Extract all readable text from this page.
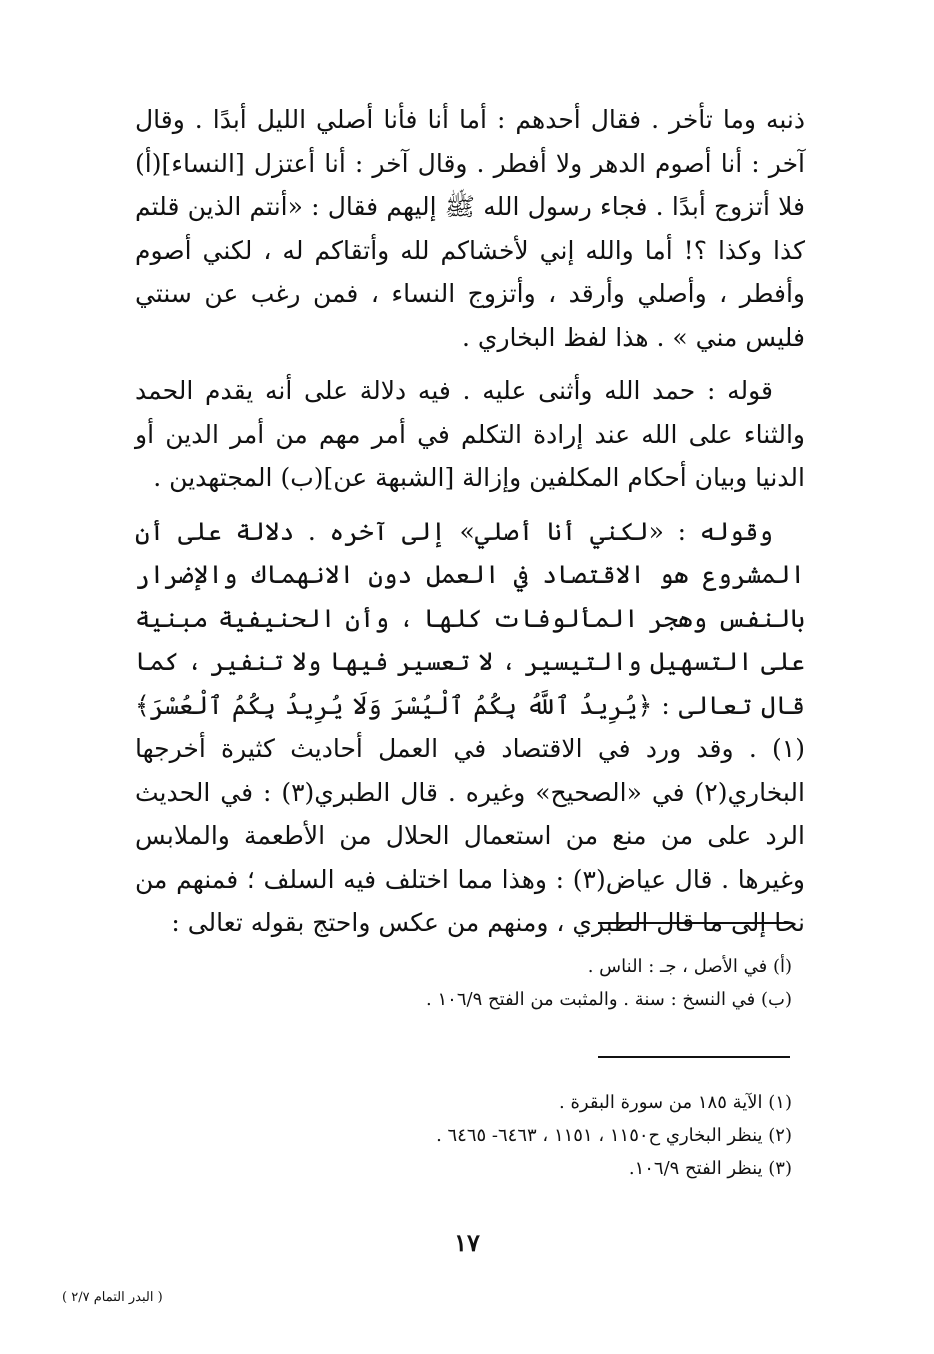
ذنبه وما تأخر . فقال أحدهم : أما أنا فأنا أصلي الليل أبدًا . وقال آخر : أنا أصوم الدهر ولا أفطر . وقال آخر : أنا أعتزل [النساء](أ) فلا أتزوج أبدًا . فجاء رسول الله ﷺ إليهم فقال : «أنتم الذين قلتم كذا وكذا ؟! أما والله إني لأخشاكم لله وأتقاكم له ، لكني أصوم وأفطر ، وأصلي وأرقد ، وأتزوج النساء ، فمن رغب عن سنتي فليس مني » . هذا لفظ البخاري .

قوله : حمد الله وأثنى عليه . فيه دلالة على أنه يقدم الحمد والثناء على الله عند إرادة التكلم في أمر مهم من أمر الدين أو الدنيا وبيان أحكام المكلفين وإزالة [الشبهة عن](ب) المجتهدين .

وقوله : «لكني أنا أصلي» إلى آخره . دلالة على أن المشروع هو الاقتصاد في العمل دون الانهماك والإضرار بالنفس وهجر المألوفات كلها ، وأن الحنيفية مبنية على التسهيل والتيسير ، لا تعسير فيها ولا تنفير ، كما قال تعالى : ﴿يُرِيدُ ٱللَّهُ بِكُمُ ٱلْيُسْرَ وَلَا يُرِيدُ بِكُمُ ٱلْعُسْرَ﴾(١) . وقد ورد في الاقتصاد في العمل أحاديث كثيرة أخرجها البخاري(٢) في «الصحيح» وغيره . قال الطبري(٣) : في الحديث الرد على من منع من استعمال الحلال من الأطعمة والملابس وغيرها . قال عياض(٣) : وهذا مما اختلف فيه السلف ؛ فمنهم من نحا إلى ما قال الطبري ، ومنهم من عكس واحتج بقوله تعالى :

(أ) في الأصل ، جـ : الناس .
(ب) في النسخ : سنة . والمثبت من الفتح ١٠٦/٩ .
(١) الآية ١٨٥ من سورة البقرة .
(٢) ينظر البخاري ح١١٥٠ ، ١١٥١ ، ٦٤٦٣- ٦٤٦٥ .
(٣) ينظر الفتح ١٠٦/٩.
١٧
( البدر التمام ٢/٧ )
